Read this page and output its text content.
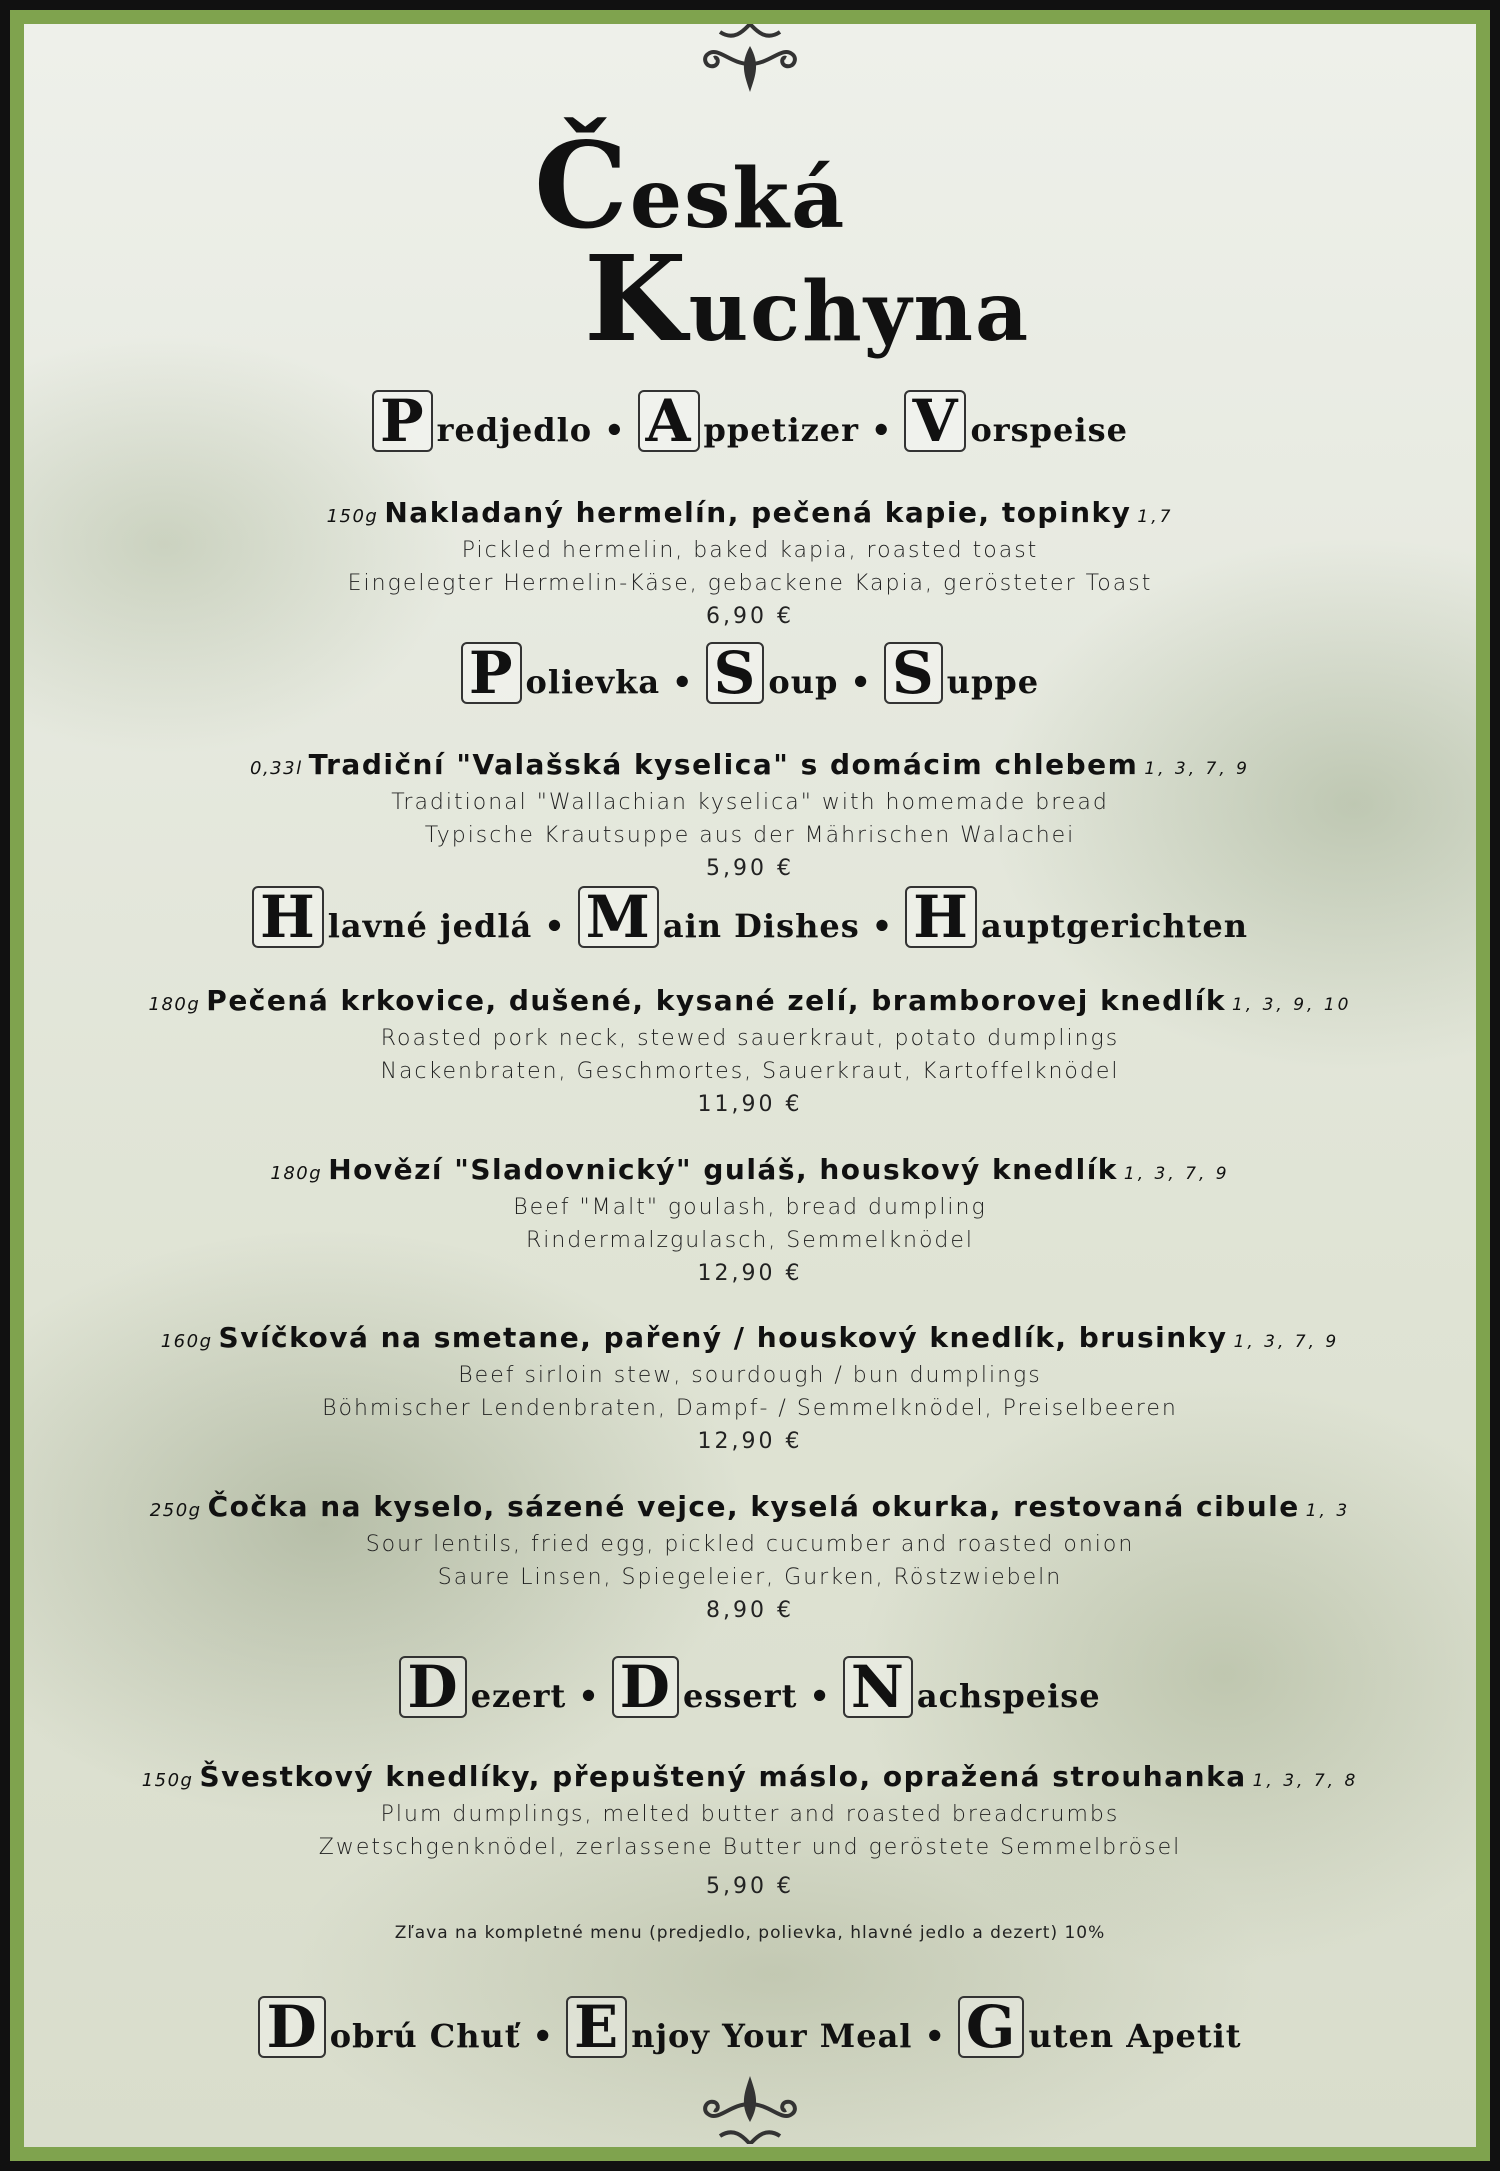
Česká
Kuchyna
P redjedlo • A ppetizer • V orspeise
150g Nakladaný hermelín, pečená kapie, topinky 1,7
Pickled hermelin, baked kapia, roasted toast
Eingelegter Hermelin-Käse, gebackene Kapia, gerösteter Toast
6,90 €
P olievka • S oup • S uppe
0,33l Tradiční "Valašská kyselica" s domácim chlebem 1, 3, 7, 9
Traditional "Wallachian kyselica" with homemade bread
Typische Krautsuppe aus der Mährischen Walachei
5,90 €
H lavné jedlá • M ain Dishes • H auptgerichten
180g Pečená krkovice, dušené, kysané zelí, bramborovej knedlík 1, 3, 9, 10
Roasted pork neck, stewed sauerkraut, potato dumplings
Nackenbraten, Geschmortes, Sauerkraut, Kartoffelknödel
11,90 €
180g Hovězí "Sladovnický" guláš, houskový knedlík 1, 3, 7, 9
Beef "Malt" goulash, bread dumpling
Rindermalzgulasch, Semmelknödel
12,90 €
160g Svíčková na smetane, pařený / houskový knedlík, brusinky 1, 3, 7, 9
Beef sirloin stew, sourdough / bun dumplings
Böhmischer Lendenbraten, Dampf- / Semmelknödel, Preiselbeeren
12,90 €
250g Čočka na kyselo, sázené vejce, kyselá okurka, restovaná cibule 1, 3
Sour lentils, fried egg, pickled cucumber and roasted onion
Saure Linsen, Spiegeleier, Gurken, Röstzwiebeln
8,90 €
D ezert • D essert • N achspeise
150g Švestkový knedlíky, přepuštený máslo, opražená strouhanka 1, 3, 7, 8
Plum dumplings, melted butter and roasted breadcrumbs
Zwetschgenknödel, zerlassene Butter und geröstete Semmelbrösel
5,90 €
Zľava na kompletné menu (predjedlo, polievka, hlavné jedlo a dezert) 10%
D obrú Chuť • E njoy Your Meal • G uten Apetit
